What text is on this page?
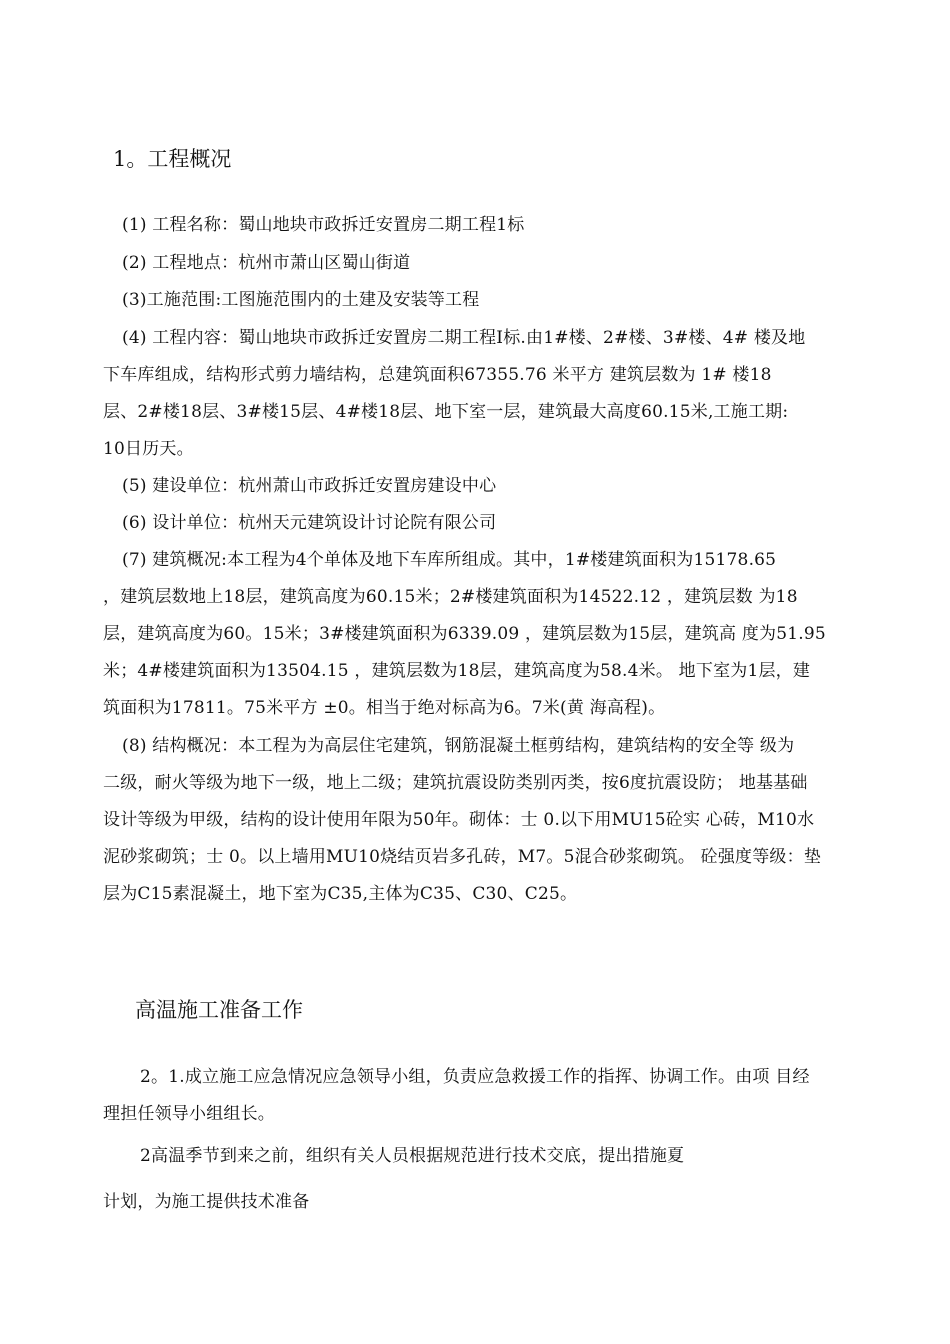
1。工程概况
(1) 工程名称：蜀山地块市政拆迁安置房二期工程1标
(2) 工程地点：杭州市萧山区蜀山街道
(3)工施范围:工图施范围内的土建及安装等工程
(4) 工程内容：蜀山地块市政拆迁安置房二期工程Ⅰ标.由1#楼、2#楼、3#楼、4# 楼及地
下车库组成，结构形式剪力墙结构，总建筑面积67355.76 米平方 建筑层数为 1# 楼18
层、2#楼18层、3#楼15层、4#楼18层、地下室一层，建筑最大高度60.15米,工施工期:
10日历天。
(5) 建设单位：杭州萧山市政拆迁安置房建设中心
(6) 设计单位：杭州天元建筑设计讨论院有限公司
(7) 建筑概况:本工程为4个单体及地下车库所组成。其中，1#楼建筑面积为15178.65
，建筑层数地上18层，建筑高度为60.15米；2#楼建筑面积为14522.12 ，建筑层数 为18
层，建筑高度为60。15米；3#楼建筑面积为6339.09 ，建筑层数为15层，建筑高 度为51.95
米；4#楼建筑面积为13504.15 ，建筑层数为18层，建筑高度为58.4米。 地下室为1层，建
筑面积为17811。75米平方 ±0。相当于绝对标高为6。7米(黄 海高程)。
(8) 结构概况：本工程为为高层住宅建筑，钢筋混凝土框剪结构，建筑结构的安全等 级为
二级，耐火等级为地下一级，地上二级；建筑抗震设防类别丙类，按6度抗震设防； 地基基础
设计等级为甲级，结构的设计使用年限为50年。砌体：士 0.以下用MU15砼实 心砖，M10水
泥砂浆砌筑；士 0。以上墙用MU10烧结页岩多孔砖，M7。5混合砂浆砌筑。 砼强度等级：垫
层为C15素混凝土，地下室为C35,主体为C35、C30、C25。
高温施工准备工作
2。1.成立施工应急情况应急领导小组，负责应急救援工作的指挥、协调工作。由项 目经
理担任领导小组组长。
2高温季节到来之前，组织有关人员根据规范进行技术交底，提出措施夏
计划，为施工提供技术准备
